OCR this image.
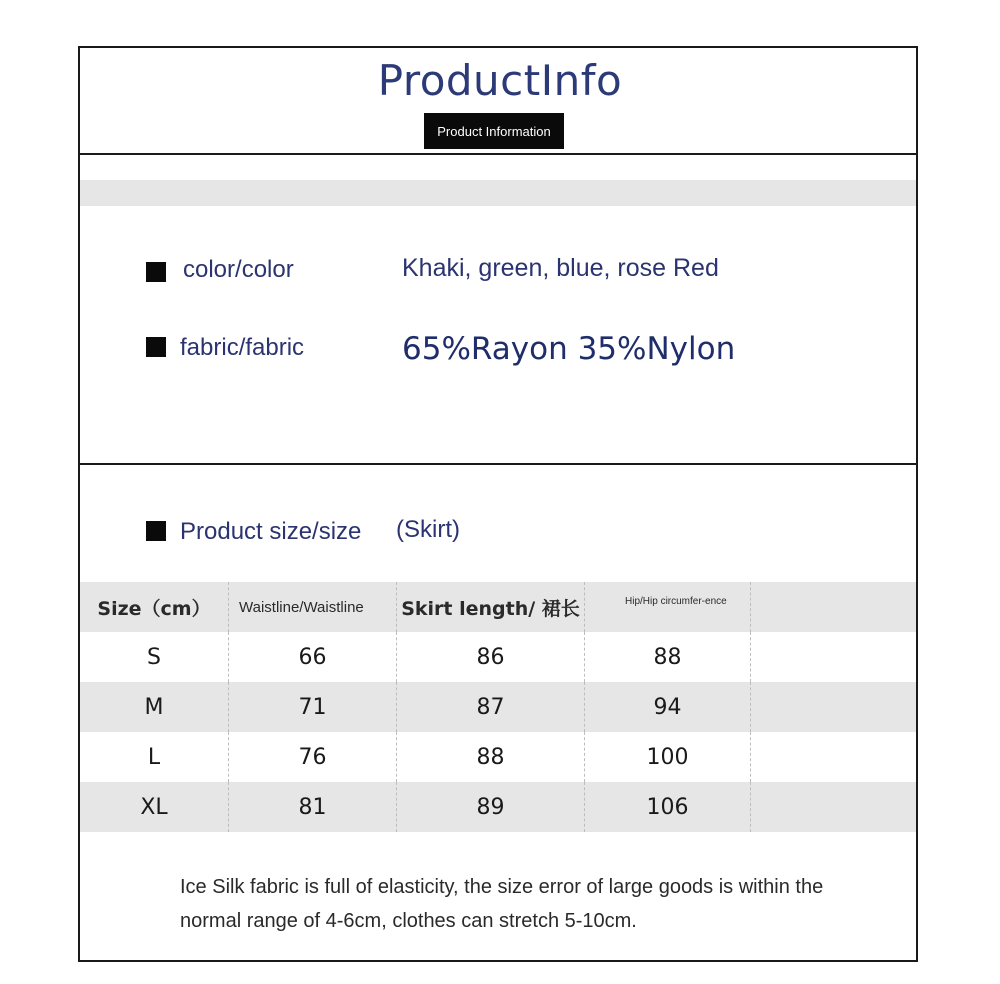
ProductInfo
Product Information
color/color	Khaki, green, blue, rose Red
fabric/fabric	65%Rayon 35%Nylon
Product size/size (Skirt)
Size（cm）	Waistline/Waistline	Skirt length/ 裙长	Hip/Hip circumfer-ence
S	66	86	88
M	71	87	94
L	76	88	100
XL	81	89	106
Ice Silk fabric is full of elasticity, the size error of large goods is within the normal range of 4-6cm, clothes can stretch 5-10cm.
